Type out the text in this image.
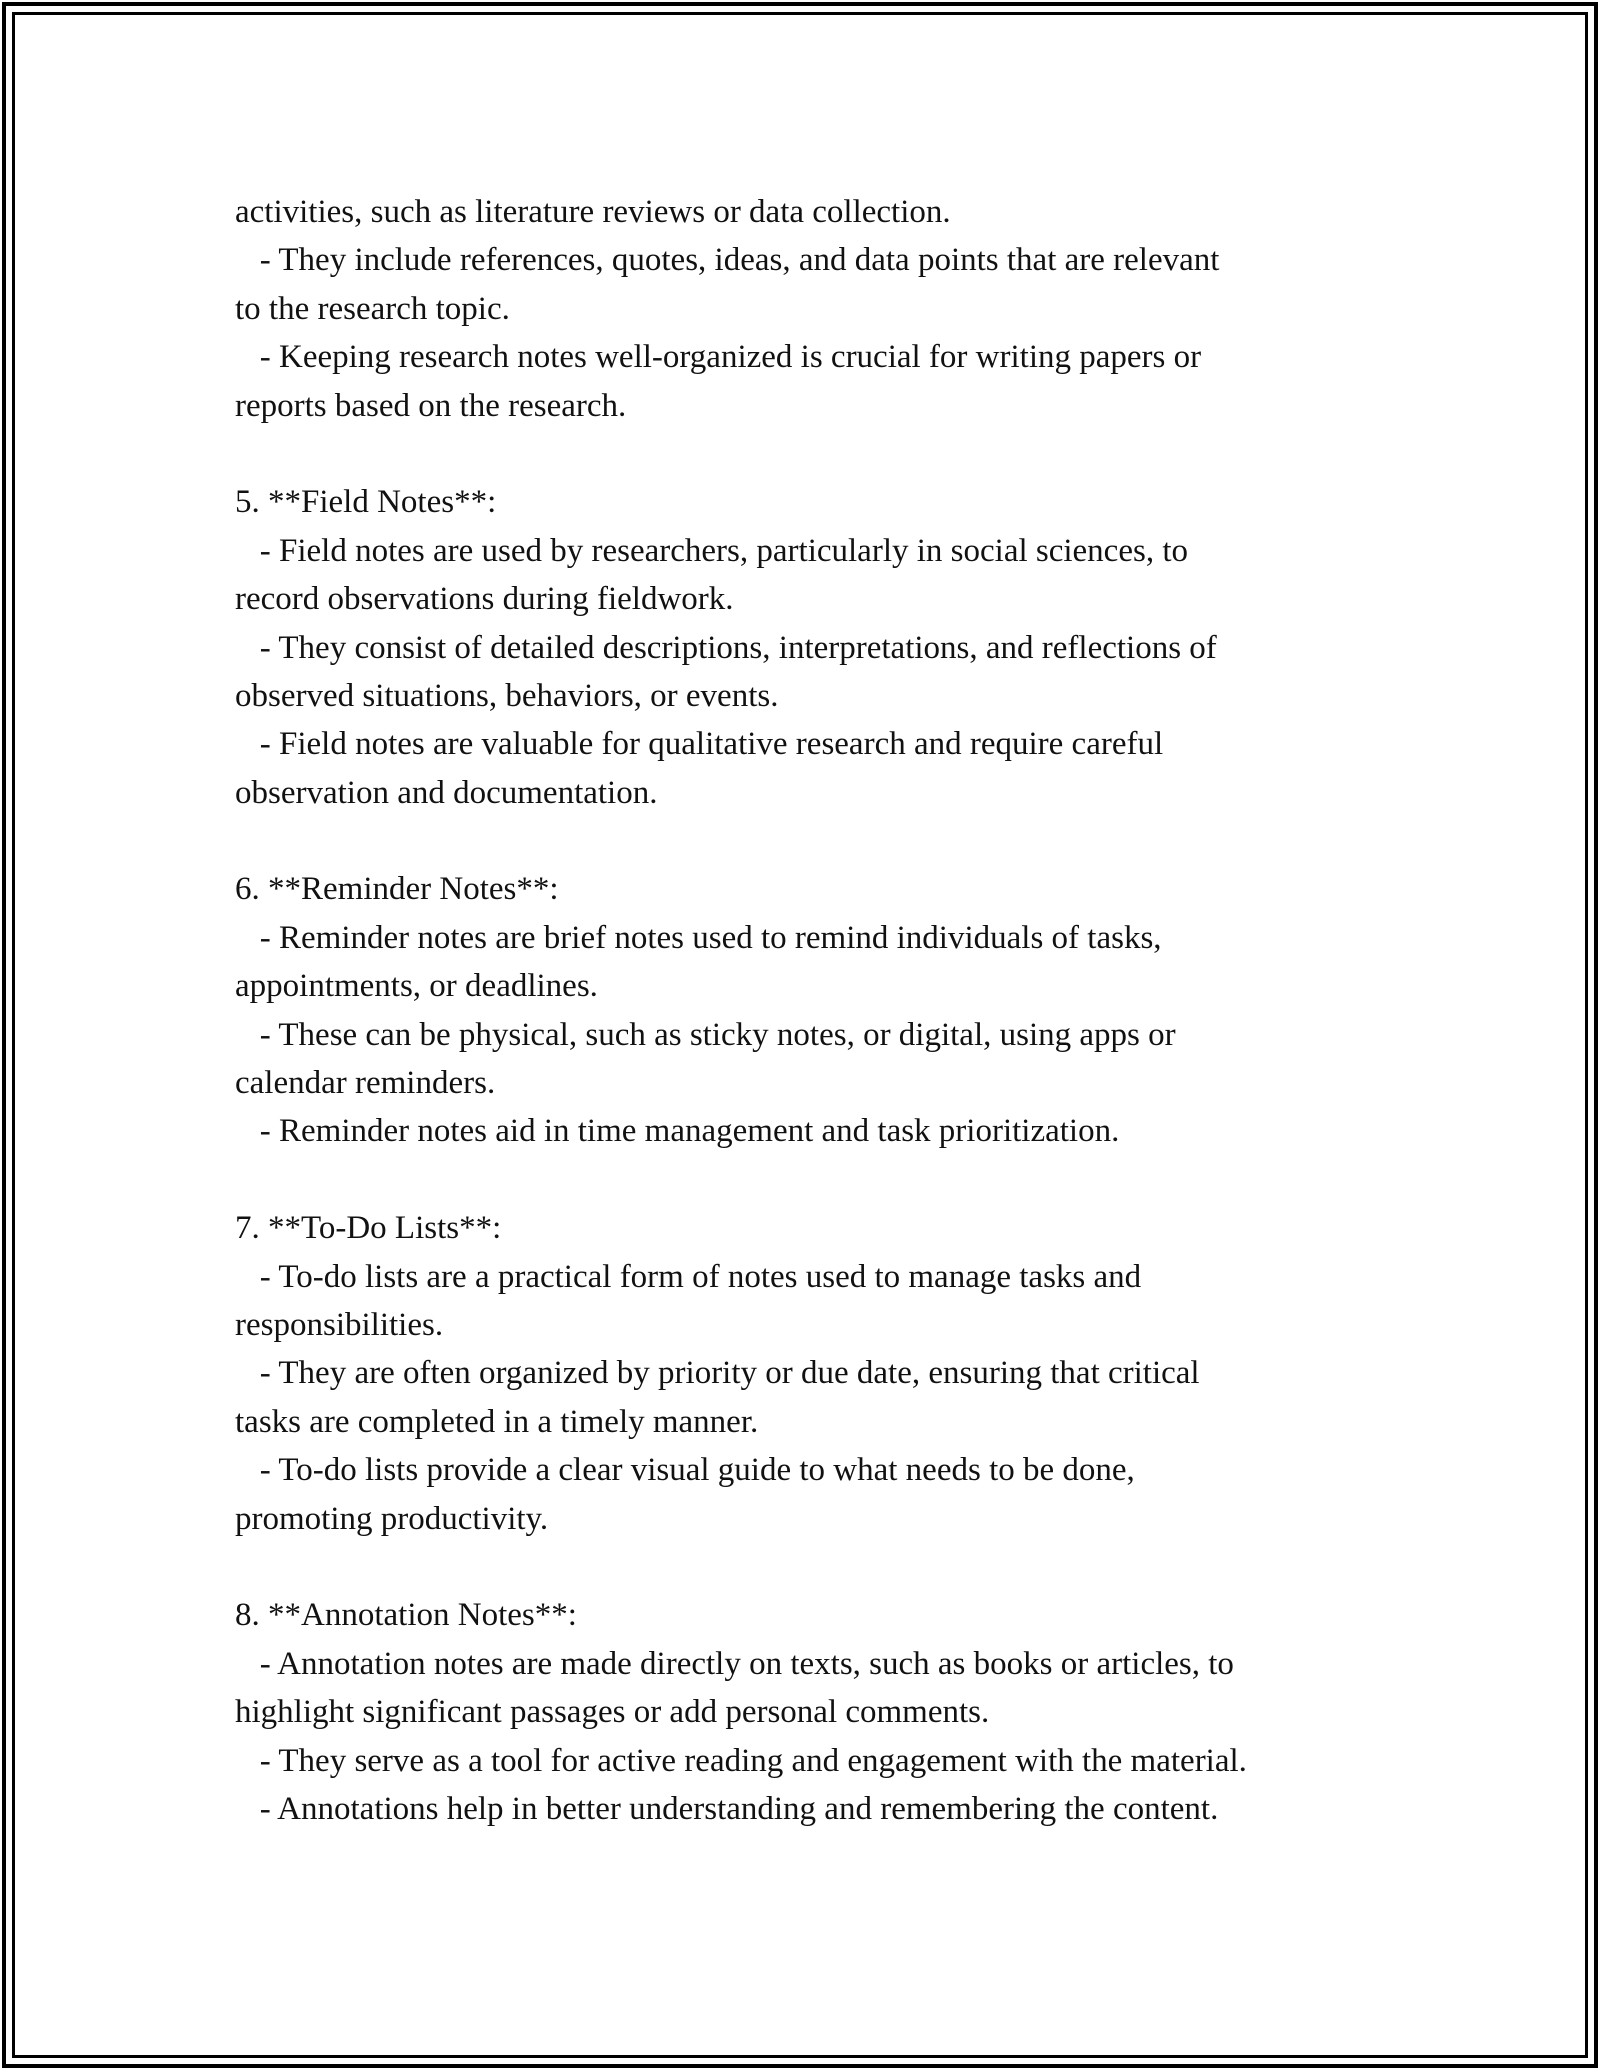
activities, such as literature reviews or data collection.
- They include references, quotes, ideas, and data points that are relevant
to the research topic.
- Keeping research notes well-organized is crucial for writing papers or
reports based on the research.
5. **Field Notes**:
- Field notes are used by researchers, particularly in social sciences, to
record observations during fieldwork.
- They consist of detailed descriptions, interpretations, and reflections of
observed situations, behaviors, or events.
- Field notes are valuable for qualitative research and require careful
observation and documentation.
6. **Reminder Notes**:
- Reminder notes are brief notes used to remind individuals of tasks,
appointments, or deadlines.
- These can be physical, such as sticky notes, or digital, using apps or
calendar reminders.
- Reminder notes aid in time management and task prioritization.
7. **To-Do Lists**:
- To-do lists are a practical form of notes used to manage tasks and
responsibilities.
- They are often organized by priority or due date, ensuring that critical
tasks are completed in a timely manner.
- To-do lists provide a clear visual guide to what needs to be done,
promoting productivity.
8. **Annotation Notes**:
- Annotation notes are made directly on texts, such as books or articles, to
highlight significant passages or add personal comments.
- They serve as a tool for active reading and engagement with the material.
- Annotations help in better understanding and remembering the content.
